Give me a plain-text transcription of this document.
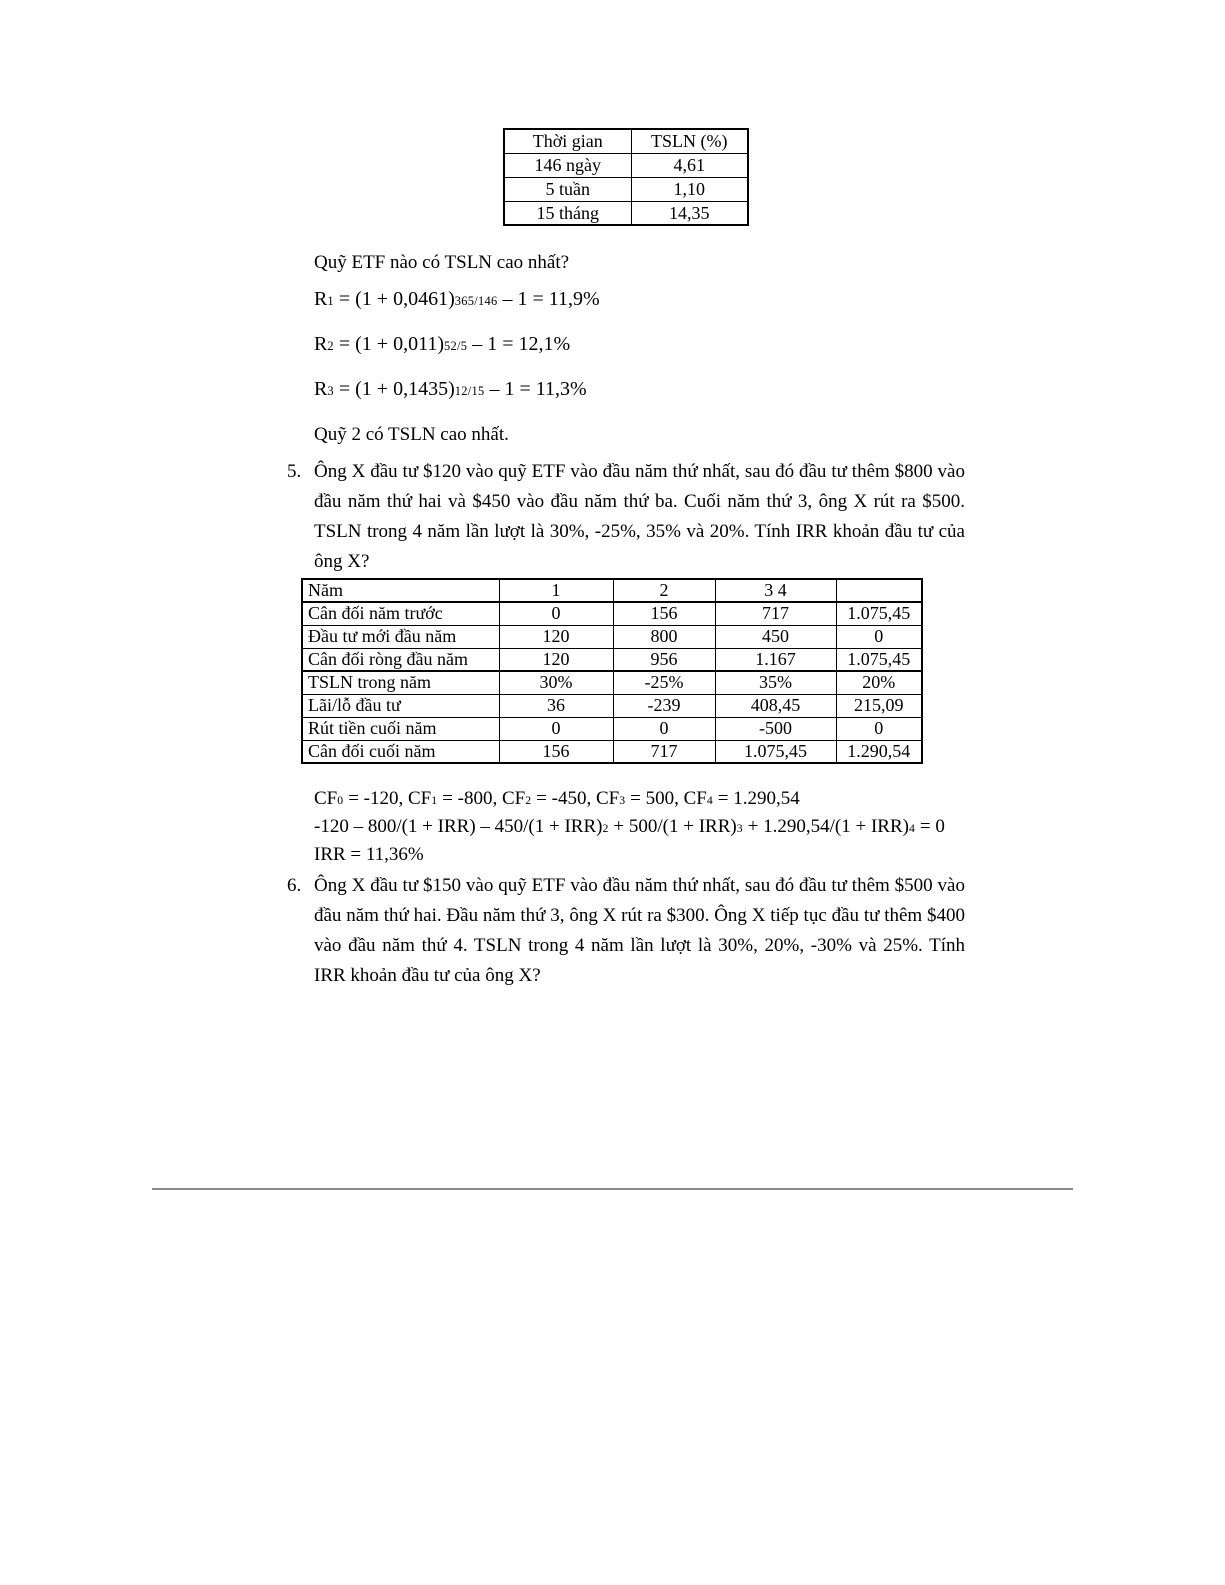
Thời gian	TSLN (%)
146 ngày	4,61
5 tuần	1,10
15 tháng	14,35
Quỹ ETF nào có TSLN cao nhất?
R1 = (1 + 0,0461)365/146 – 1 = 11,9%
R2 = (1 + 0,011)52/5 – 1 = 12,1%
R3 = (1 + 0,1435)12/15 – 1 = 11,3%
Quỹ 2 có TSLN cao nhất.
5. Ông X đầu tư $120 vào quỹ ETF vào đầu năm thứ nhất, sau đó đầu tư thêm $800 vào đầu năm thứ hai và $450 vào đầu năm thứ ba. Cuối năm thứ 3, ông X rút ra $500. TSLN trong 4 năm lần lượt là 30%, -25%, 35% và 20%. Tính IRR khoản đầu tư của ông X?
Năm	1	2	3 4	
Cân đối năm trước	0	156	717	1.075,45
Đầu tư mới đầu năm	120	800	450	0
Cân đối ròng đầu năm	120	956	1.167	1.075,45
TSLN trong năm	30%	-25%	35%	20%
Lãi/lỗ đầu tư	36	-239	408,45	215,09
Rút tiền cuối năm	0	0	-500	0
Cân đối cuối năm	156	717	1.075,45	1.290,54
CF0 = -120, CF1 = -800, CF2 = -450, CF3 = 500, CF4 = 1.290,54
-120 – 800/(1 + IRR) – 450/(1 + IRR)2 + 500/(1 + IRR)3 + 1.290,54/(1 + IRR)4 = 0
IRR = 11,36%
6. Ông X đầu tư $150 vào quỹ ETF vào đầu năm thứ nhất, sau đó đầu tư thêm $500 vào đầu năm thứ hai. Đầu năm thứ 3, ông X rút ra $300. Ông X tiếp tục đầu tư thêm $400 vào đầu năm thứ 4. TSLN trong 4 năm lần lượt là 30%, 20%, -30% và 25%. Tính IRR khoản đầu tư của ông X?
